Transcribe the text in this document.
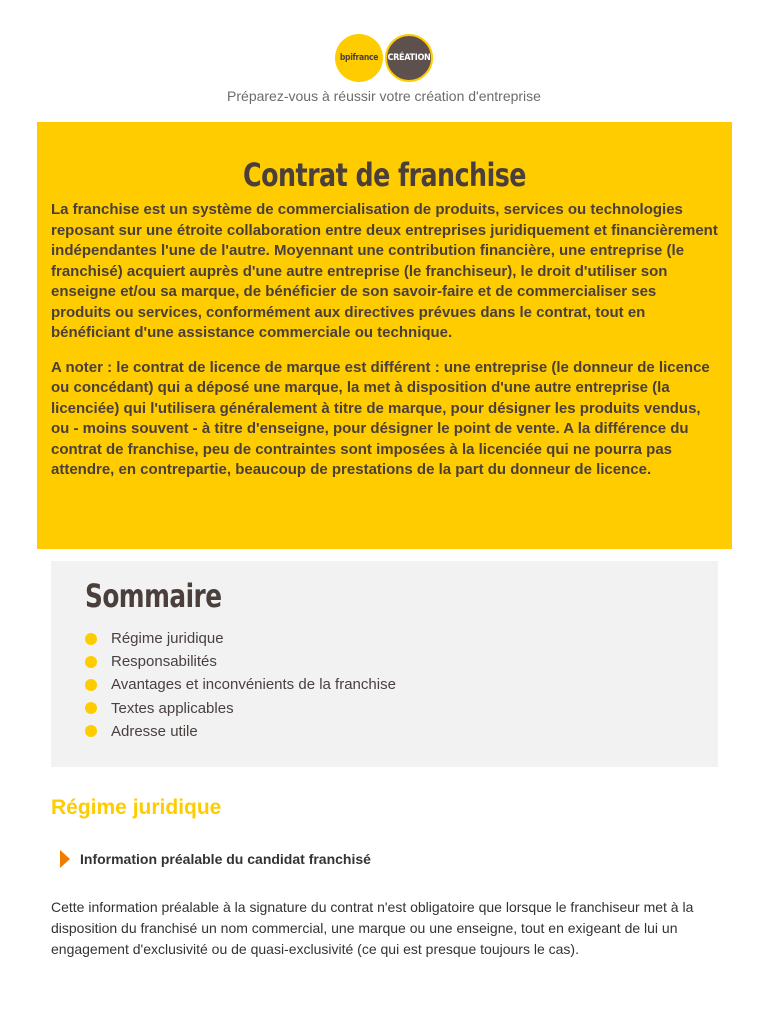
bpifrance	CRÉATION
Préparez-vous à réussir votre création d'entreprise
Contrat de franchise

La franchise est un système de commercialisation de produits, services ou technologies reposant sur une étroite collaboration entre deux entreprises juridiquement et financièrement indépendantes l'une de l'autre. Moyennant une contribution financière, une entreprise (le franchisé) acquiert auprès d'une autre entreprise (le franchiseur), le droit d'utiliser son enseigne et/ou sa marque, de bénéficier de son savoir-faire et de commercialiser ses produits ou services, conformément aux directives prévues dans le contrat, tout en bénéficiant d'une assistance commerciale ou technique.

A noter : le contrat de licence de marque est différent : une entreprise (le donneur de licence ou concédant) qui a déposé une marque, la met à disposition d'une autre entreprise (la licenciée) qui l'utilisera généralement à titre de marque, pour désigner les produits vendus, ou - moins souvent - à titre d'enseigne, pour désigner le point de vente. A la différence du contrat de franchise, peu de contraintes sont imposées à la licenciée qui ne pourra pas attendre, en contrepartie, beaucoup de prestations de la part du donneur de licence.

Sommaire
Régime juridique
Responsabilités
Avantages et inconvénients de la franchise
Textes applicables
Adresse utile
Régime juridique
Information préalable du candidat franchisé

Cette information préalable à la signature du contrat n'est obligatoire que lorsque le franchiseur met à la disposition du franchisé un nom commercial, une marque ou une enseigne, tout en exigeant de lui un engagement d'exclusivité ou de quasi-exclusivité (ce qui est presque toujours le cas).
